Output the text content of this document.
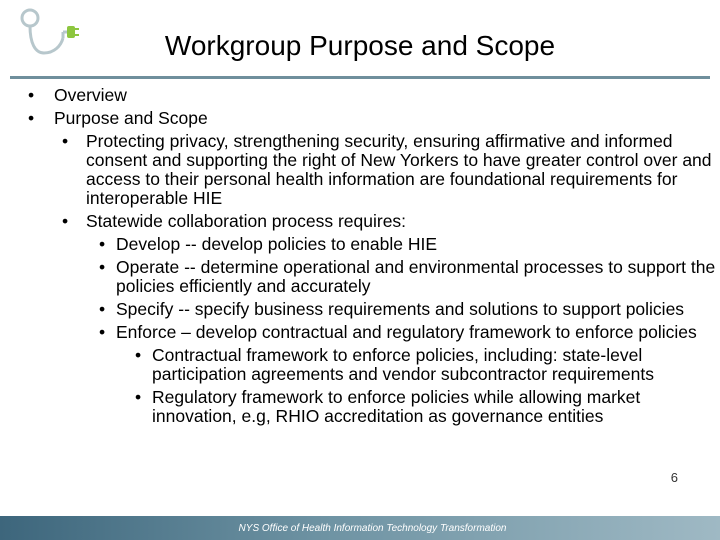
Workgroup Purpose and Scope
•	Overview
•	Purpose and Scope
•	Protecting privacy, strengthening security, ensuring affirmative and informed consent and supporting the right of New Yorkers to have greater control over and access to their personal health information are foundational requirements for interoperable HIE
•	Statewide collaboration process requires:
• Develop -- develop policies to enable HIE
• Operate -- determine operational and environmental processes to support the policies efficiently and accurately
• Specify -- specify business requirements and solutions to support policies
• Enforce – develop contractual and regulatory framework to enforce policies
• Contractual framework to enforce policies, including: state-level participation agreements and vendor subcontractor requirements
• Regulatory framework to enforce policies while allowing market innovation, e.g, RHIO accreditation as governance entities
6
NYS Office of Health Information Technology Transformation
